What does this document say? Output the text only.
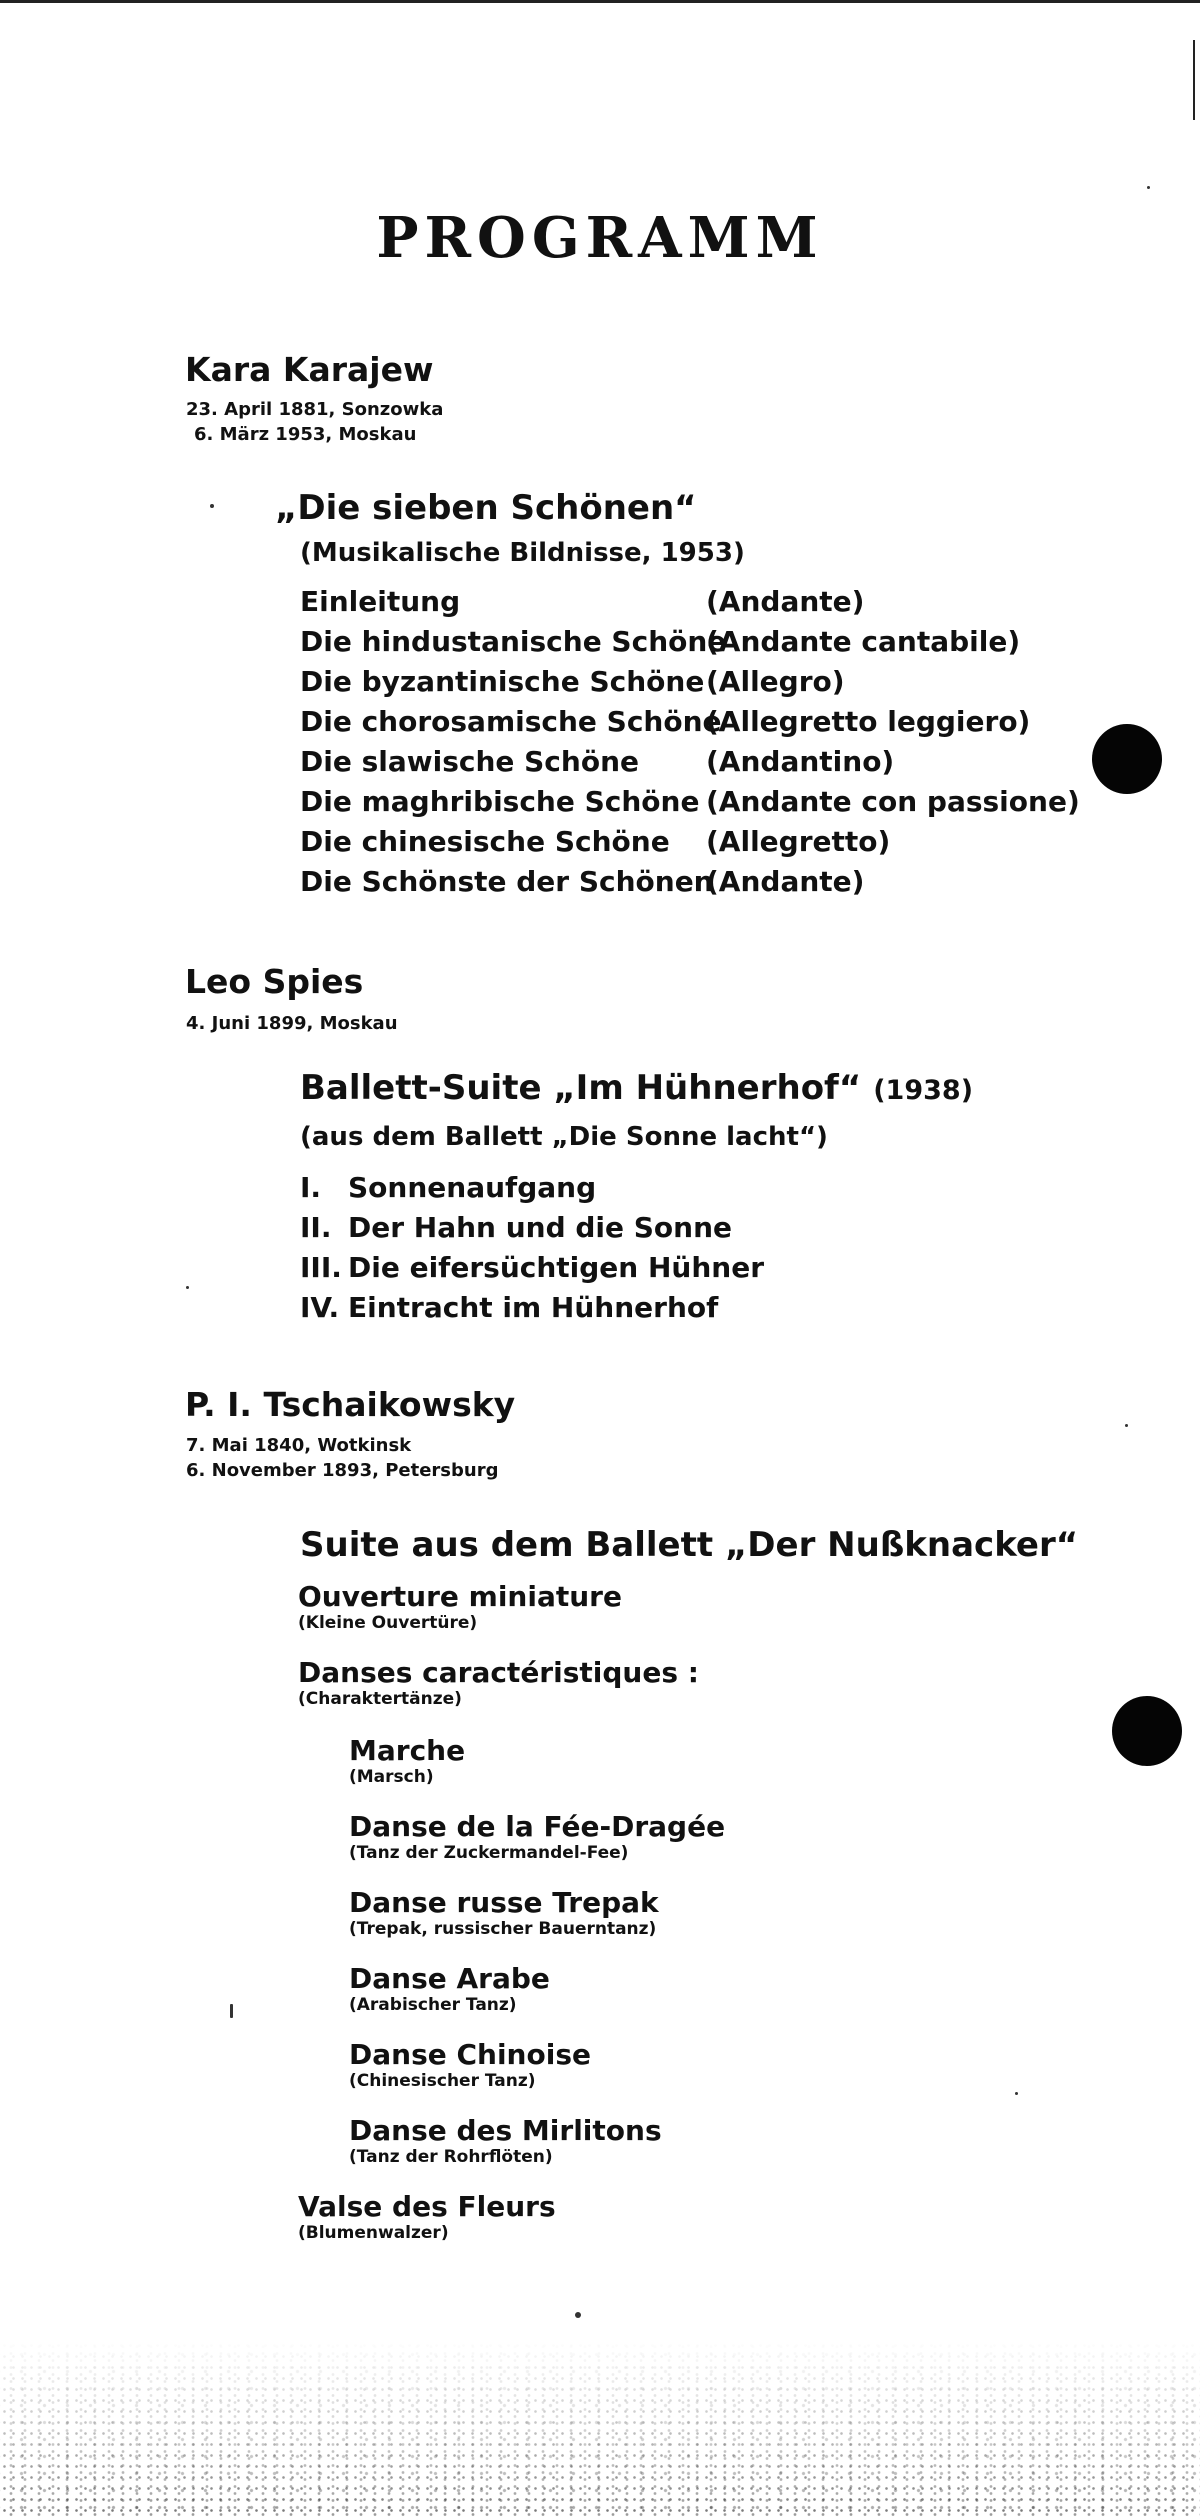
PROGRAMM
Kara Karajew
23. April 1881, Sonzowka
6. März 1953, Moskau
„Die sieben Schönen“
(Musikalische Bildnisse, 1953)
Einleitung	(Andante)
Die hindustanische Schöne(Andante cantabile)
Die byzantinische Schöne(Allegro)
Die chorosamische Schöne(Allegretto leggiero)
Die slawische Schöne (Andantino)
Die maghribische Schöne (Andante con passione)
Die chinesische Schöne (Allegretto)
Die Schönste der Schönen(Andante)
Leo Spies
4. Juni 1899, Moskau
Ballett-Suite „Im Hühnerhof“ (1938)
(aus dem Ballett „Die Sonne lacht“)
I. Sonnenaufgang
II. Der Hahn und die Sonne
III. Die eifersüchtigen Hühner
IV. Eintracht im Hühnerhof
P. I. Tschaikowsky
7. Mai 1840, Wotkinsk
6. November 1893, Petersburg
Suite aus dem Ballett „Der Nußknacker“
Ouverture miniature
(Kleine Ouvertüre)
Danses caractéristiques :
(Charaktertänze)
Marche
(Marsch)
Danse de la Fée-Dragée
(Tanz der Zuckermandel-Fee)
Danse russe Trepak
(Trepak, russischer Bauerntanz)
Danse Arabe
(Arabischer Tanz)
Danse Chinoise
(Chinesischer Tanz)
Danse des Mirlitons
(Tanz der Rohrflöten)
Valse des Fleurs
(Blumenwalzer)
